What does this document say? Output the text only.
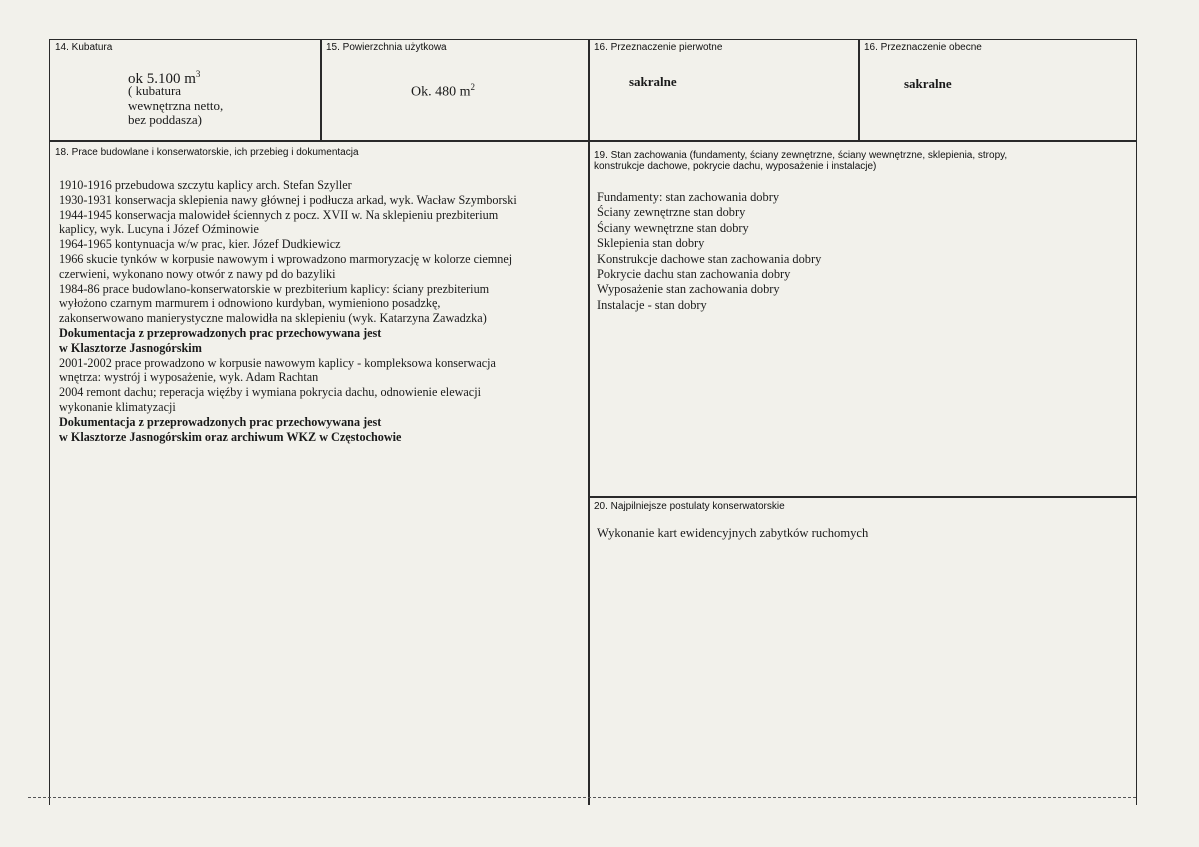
14. Kubatura
ok 5.100 $m^3$
( kubatura
wewnętrzna netto,
bez poddasza)
15. Powierzchnia użytkowa
Ok. 480 $m^2$
16. Przeznaczenie pierwotne
sakralne
16. Przeznaczenie obecne
sakralne
18. Prace budowlane i konserwatorskie, ich przebieg i dokumentacja
1910-1916 przebudowa szczytu kaplicy arch. Stefan Szyller
1930-1931 konserwacja sklepienia nawy głównej i podłucza arkad, wyk. Wacław Szymborski
1944-1945 konserwacja malowideł ściennych z pocz. XVII w. Na sklepieniu prezbiterium
kaplicy, wyk. Lucyna i Józef Oźminowie
1964-1965 kontynuacja w/w prac, kier. Józef Dudkiewicz
1966 skucie tynków w korpusie nawowym i wprowadzono marmoryzację w kolorze ciemnej
czerwieni, wykonano nowy otwór z nawy pd do bazyliki
1984-86 prace budowlano-konserwatorskie w prezbiterium kaplicy: ściany prezbiterium
wyłożono czarnym marmurem i odnowiono kurdyban, wymieniono posadzkę,
zakonserwowano manierystyczne malowidła na sklepieniu (wyk. Katarzyna Zawadzka)
Dokumentacja z przeprowadzonych prac przechowywana jest
w Klasztorze Jasnogórskim
2001-2002 prace prowadzono w korpusie nawowym kaplicy - kompleksowa konserwacja
wnętrza: wystrój i wyposażenie, wyk. Adam Rachtan
2004 remont dachu; reperacja więźby i wymiana pokrycia dachu, odnowienie elewacji
wykonanie klimatyzacji
Dokumentacja z przeprowadzonych prac przechowywana jest
w Klasztorze Jasnogórskim oraz archiwum WKZ w Częstochowie
19. Stan zachowania (fundamenty, ściany zewnętrzne, ściany wewnętrzne, sklepienia, stropy,
konstrukcje dachowe, pokrycie dachu, wyposażenie i instalacje)
Fundamenty: stan zachowania dobry
Ściany zewnętrzne stan dobry
Ściany wewnętrzne stan dobry
Sklepienia stan dobry
Konstrukcje dachowe stan zachowania dobry
Pokrycie dachu stan zachowania dobry
Wyposażenie stan zachowania dobry
Instalacje - stan dobry
20. Najpilniejsze postulaty konserwatorskie
Wykonanie kart ewidencyjnych zabytków ruchomych
